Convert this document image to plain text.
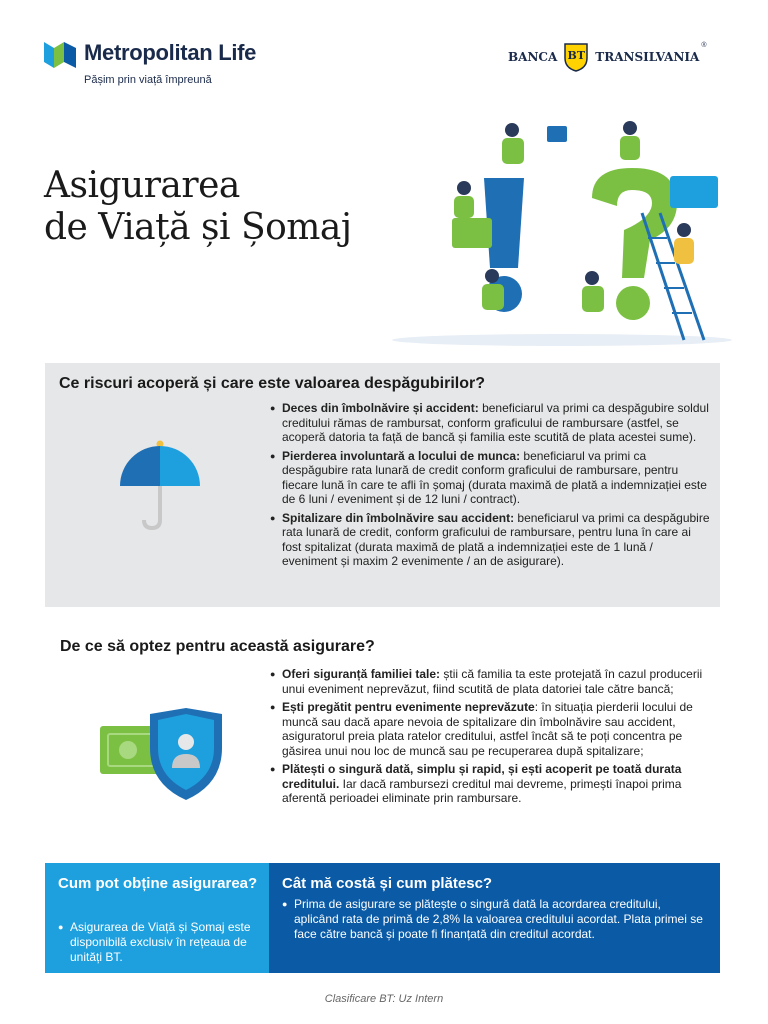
Metropolitan Life
Pășim prin viață împreună
BANCA BT TRANSILVANIA
®
Asigurarea
de Viață și Șomaj
Ce riscuri acoperă și care este valoarea despăgubirilor?
● Deces din îmbolnăvire și accident: beneficiarul va primi ca despăgubire soldul creditului rămas de rambursat, conform graficului de rambursare (astfel, se acoperă datoria ta față de bancă și familia este scutită de plata acestei sume).
● Pierderea involuntară a locului de munca: beneficiarul va primi ca despăgubire rata lunară de credit conform graficului de rambursare, pentru fiecare lună în care te afli în șomaj (durata maximă de plată a indemnizației este de 6 luni / eveniment și de 12 luni / contract).
● Spitalizare din îmbolnăvire sau accident: beneficiarul va primi ca despăgubire rata lunară de credit, conform graficului de rambursare, pentru luna în care ai fost spitalizat (durata maximă de plată a indemnizației este de 1 lună / eveniment și maxim 2 evenimente / an de asigurare).
De ce să optez pentru această asigurare?
● Oferi siguranță familiei tale: știi că familia ta este protejată în cazul producerii unui eveniment neprevăzut, fiind scutită de plata datoriei tale către bancă;
● Ești pregătit pentru evenimente neprevăzute: în situația pierderii locului de muncă sau dacă apare nevoia de spitalizare din îmbolnăvire sau accident, asiguratorul preia plata ratelor creditului, astfel încât să te poți concentra pe găsirea unui nou loc de muncă sau pe recuperarea după spitalizare;
● Plătești o singură dată, simplu și rapid, și ești acoperit pe toată durata creditului. Iar dacă rambursezi creditul mai devreme, primești înapoi prima aferentă perioadei eliminate prin rambursare.
Cum pot obține asigurarea?
● Asigurarea de Viață și Șomaj este disponibilă exclusiv în rețeaua de unități BT.
Cât mă costă și cum plătesc?
● Prima de asigurare se plătește o singură dată la acordarea creditului, aplicând rata de primă de 2,8% la valoarea creditului acordat. Plata primei se face către bancă și poate fi finanțată din creditul acordat.
Clasificare BT: Uz Intern
